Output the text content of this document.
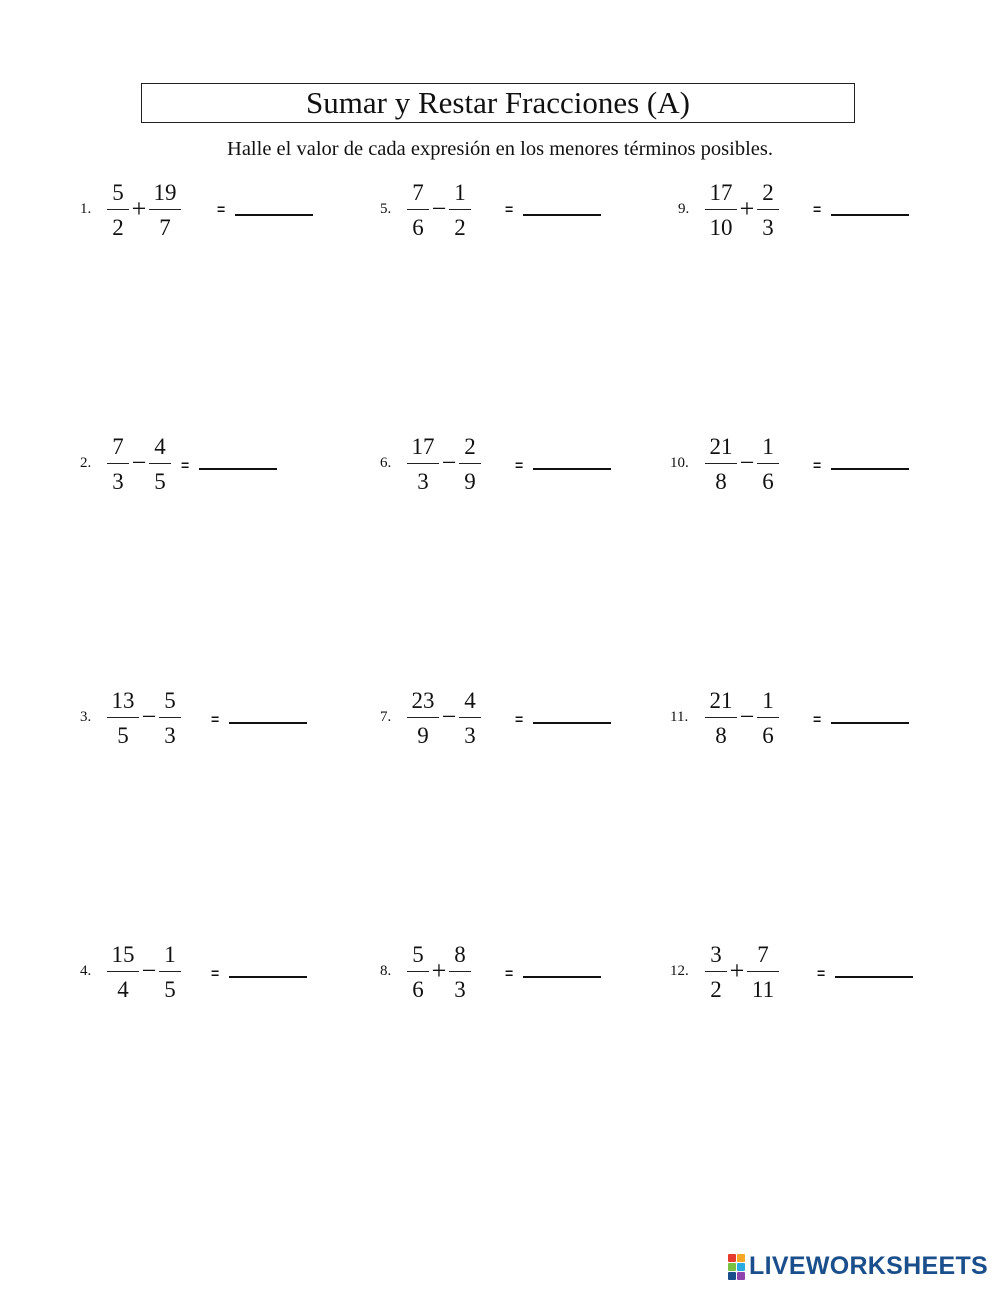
Sumar y Restar Fracciones (A)
Halle el valor de cada expresión en los menores términos posibles.
1.
5
2
+
19
7
=
2.
7
3
−
4
5
=
3.
13
5
−
5
3
=
4.
15
4
−
1
5
=
5.
7
6
−
1
2
=
6.
17
3
−
2
9
=
7.
23
9
−
4
3
=
8.
5
6
+
8
3
=
9.
17
10
+
2
3
=
10.
21
8
−
1
6
=
11.
21
8
−
1
6
=
12.
3
2
+
7
11
=
LIVEWORKSHEETS
